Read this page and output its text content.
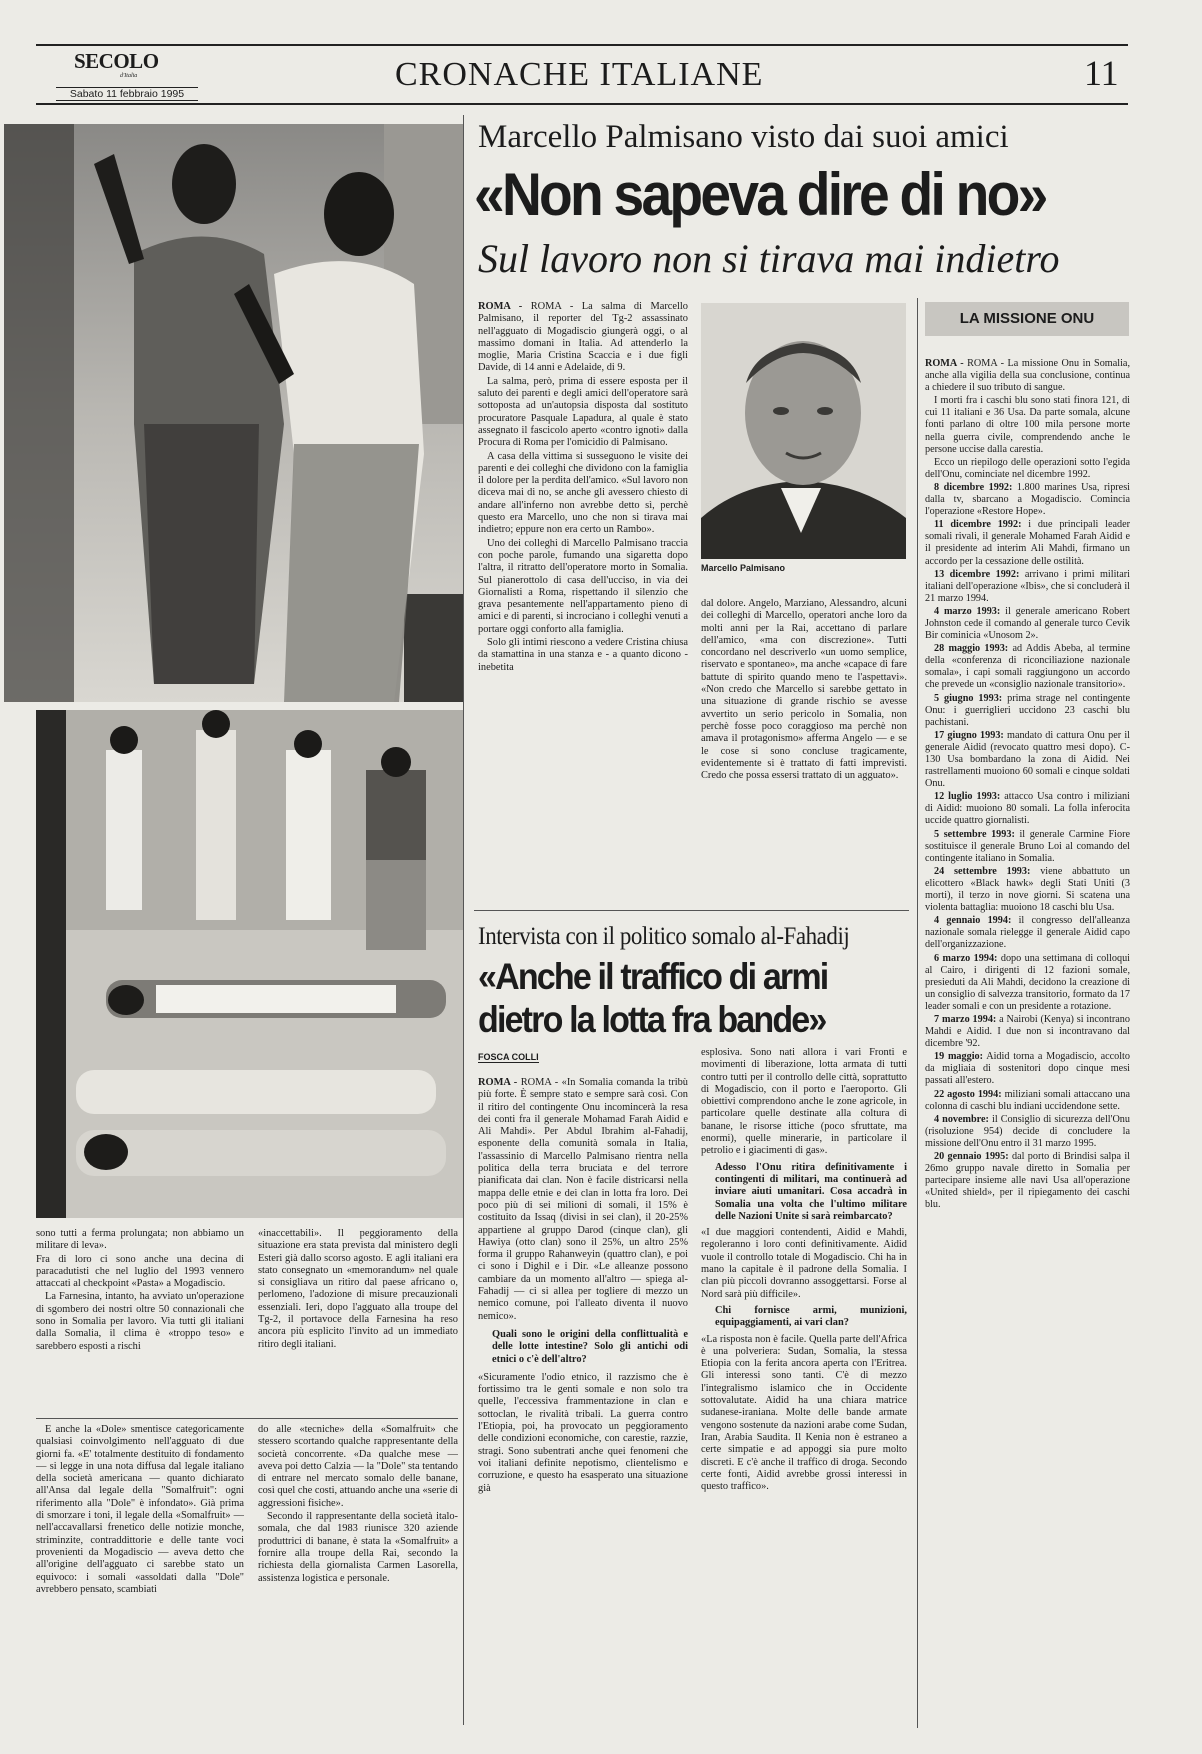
SECOLO
d'Italia
Sabato 11 febbraio 1995
CRONACHE ITALIANE	11
Marcello Palmisano visto dai suoi amici
«Non sapeva dire di no»
Sul lavoro non si tirava mai indietro
Marcello Palmisano

ROMA - ROMA - La salma di Marcello Palmisano, il reporter del Tg-2 assassinato nell'agguato di Mogadiscio giungerà oggi, o al massimo domani in Italia. Ad attenderlo la moglie, Maria Cristina Scaccia e i due figli Davide, di 14 anni e Adelaide, di 9.

La salma, però, prima di essere esposta per il saluto dei parenti e degli amici dell'operatore sarà sottoposta ad un'autopsia disposta dal sostituto procuratore Pasquale Lapadura, al quale è stato assegnato il fascicolo aperto «contro ignoti» dalla Procura di Roma per l'omicidio di Palmisano.

A casa della vittima si susseguono le visite dei parenti e dei colleghi che dividono con la famiglia il dolore per la perdita dell'amico. «Sul lavoro non diceva mai di no, se anche gli avessero chiesto di andare all'inferno non avrebbe detto sì, perchè questo era Marcello, uno che non si tirava mai indietro; eppure non era certo un Rambo».

Uno dei colleghi di Marcello Palmisano traccia con poche parole, fumando una sigaretta dopo l'altra, il ritratto dell'operatore morto in Somalia. Sul pianerottolo di casa dell'ucciso, in via dei Giornalisti a Roma, rispettando il silenzio che grava pesantemente nell'appartamento pieno di amici e di parenti, si incrociano i colleghi venuti a portare oggi conforto alla famiglia.

Solo gli intimi riescono a vedere Cristina chiusa da stamattina in una stanza e - a quanto dicono - inebetita

dal dolore. Angelo, Marziano, Alessandro, alcuni dei colleghi di Marcello, operatori anche loro da molti anni per la Rai, accettano di parlare dell'amico, «ma con discrezione». Tutti concordano nel descriverlo «un uomo semplice, riservato e spontaneo», ma anche «capace di fare battute di spirito quando meno te l'aspettavi». «Non credo che Marcello si sarebbe gettato in una situazione di grande rischio se avesse avvertito un serio pericolo in Somalia, non perchè fosse poco coraggioso ma perchè non amava il protagonismo» afferma Angelo — e se le cose si sono concluse tragicamente, evidentemente si è trattato di fatti imprevisti. Credo che possa essersi trattato di un agguato».

Intervista con il politico somalo al-Fahadij
«Anche il traffico di armi
dietro la lotta fra bande»
FOSCA COLLI

ROMA - ROMA - «In Somalia comanda la tribù più forte. È sempre stato e sempre sarà così. Con il ritiro del contingente Onu incomincerà la resa dei conti fra il generale Mohamad Farah Aidid e Ali Mahdi». Per Abdul Ibrahim al-Fahadij, esponente della comunità somala in Italia, l'assassinio di Marcello Palmisano rientra nella politica della terra bruciata e del terrore pianificata dai clan. Non è facile districarsi nella mappa delle etnie e dei clan in lotta fra loro. Dei poco più di sei milioni di somali, il 15% è costituito da Issaq (divisi in sei clan), il 20-25% appartiene al gruppo Darod (cinque clan), gli Hawiya (otto clan) sono il 25%, un altro 25% forma il gruppo Rahanweyin (quattro clan), e poi ci sono i Dighil e i Dir. «Le alleanze possono cambiare da un momento all'altro — spiega al-Fahadij — ci si allea per togliere di mezzo un nemico comune, poi l'alleato diventa il nuovo nemico».

Quali sono le origini della conflittualità e delle lotte intestine? Solo gli antichi odi etnici o c'è dell'altro?

«Sicuramente l'odio etnico, il razzismo che è fortissimo tra le genti somale e non solo tra quelle, l'eccessiva frammentazione in clan e sottoclan, le rivalità tribali. La guerra contro l'Etiopia, poi, ha provocato un peggioramento delle condizioni economiche, con carestie, razzie, stragi. Sono subentrati anche quei fenomeni che voi italiani definite nepotismo, clientelismo e corruzione, e questo ha esasperato una situazione già

esplosiva. Sono nati allora i vari Fronti e movimenti di liberazione, lotta armata di tutti contro tutti per il controllo delle città, soprattutto di Mogadiscio, con il porto e l'aeroporto. Gli obiettivi comprendono anche le zone agricole, in particolare quelle destinate alla coltura di banane, le risorse ittiche (poco sfruttate, ma enormi), quelle minerarie, in particolare il petrolio e i giacimenti di gas».

Adesso l'Onu ritira definitivamente i contingenti di militari, ma continuerà ad inviare aiuti umanitari. Cosa accadrà in Somalia una volta che l'ultimo militare delle Nazioni Unite si sarà reimbarcato?

«I due maggiori contendenti, Aidid e Mahdi, regoleranno i loro conti definitivamente. Aidid vuole il controllo totale di Mogadiscio. Chi ha in mano la capitale è il padrone della Somalia. I clan più piccoli dovranno assoggettarsi. Forse al Nord sarà più difficile».

Chi fornisce armi, munizioni, equipaggiamenti, ai vari clan?

«La risposta non è facile. Quella parte dell'Africa è una polveriera: Sudan, Somalia, la stessa Etiopia con la ferita ancora aperta con l'Eritrea. Gli interessi sono tanti. C'è di mezzo l'integralismo islamico che in Occidente sottovalutate. Aidid ha una chiara matrice sudanese-iraniana. Molte delle bande armate vengono sostenute da nazioni arabe come Sudan, Iran, Arabia Saudita. Il Kenia non è estraneo a certe simpatie e ad appoggi sia pure molto discreti. E c'è anche il traffico di droga. Secondo certe fonti, Aidid avrebbe grossi interessi in questo traffico».

LA MISSIONE ONU

ROMA - ROMA - La missione Onu in Somalia, anche alla vigilia della sua conclusione, continua a chiedere il suo tributo di sangue.

I morti fra i caschi blu sono stati finora 121, di cui 11 italiani e 36 Usa. Da parte somala, alcune fonti parlano di oltre 100 mila persone morte nella guerra civile, comprendendo anche le persone uccise dalla carestia.

Ecco un riepilogo delle operazioni sotto l'egida dell'Onu, cominciate nel dicembre 1992.

8 dicembre 1992: 1.800 marines Usa, ripresi dalla tv, sbarcano a Mogadiscio. Comincia l'operazione «Restore Hope».

11 dicembre 1992: i due principali leader somali rivali, il generale Mohamed Farah Aidid e il presidente ad interim Ali Mahdi, firmano un accordo per la cessazione delle ostilità.

13 dicembre 1992: arrivano i primi militari italiani dell'operazione «Ibis», che si concluderà il 21 marzo 1994.

4 marzo 1993: il generale americano Robert Johnston cede il comando al generale turco Cevik Bir cominicia «Unosom 2».

28 maggio 1993: ad Addis Abeba, al termine della «conferenza di riconciliazione nazionale somala», i capi somali raggiungono un accordo che prevede un «consiglio nazionale transitorio».

5 giugno 1993: prima strage nel contingente Onu: i guerriglieri uccidono 23 caschi blu pachistani.

17 giugno 1993: mandato di cattura Onu per il generale Aidid (revocato quattro mesi dopo). C-130 Usa bombardano la zona di Aidid. Nei rastrellamenti muoiono 60 somali e cinque soldati Onu.

12 luglio 1993: attacco Usa contro i miliziani di Aidid: muoiono 80 somali. La folla inferocita uccide quattro giornalisti.

5 settembre 1993: il generale Carmine Fiore sostituisce il generale Bruno Loi al comando del contingente italiano in Somalia.

24 settembre 1993: viene abbattuto un elicottero «Black hawk» degli Stati Uniti (3 morti), il terzo in nove giorni. Si scatena una violenta battaglia: muoiono 18 caschi blu Usa.

4 gennaio 1994: il congresso dell'alleanza nazionale somala rielegge il generale Aidid capo dell'organizzazione.

6 marzo 1994: dopo una settimana di colloqui al Cairo, i dirigenti di 12 fazioni somale, presieduti da Ali Mahdi, decidono la creazione di un consiglio di salvezza transitorio, formato da 17 leader somali e con un presidente a rotazione.

7 marzo 1994: a Nairobi (Kenya) si incontrano Mahdi e Aidid. I due non si incontravano dal dicembre '92.

19 maggio: Aidid torna a Mogadiscio, accolto da migliaia di sostenitori dopo cinque mesi passati all'estero.

22 agosto 1994: miliziani somali attaccano una colonna di caschi blu indiani uccidendone sette.

4 novembre: il Consiglio di sicurezza dell'Onu (risoluzione 954) decide di concludere la missione dell'Onu entro il 31 marzo 1995.

20 gennaio 1995: dal porto di Brindisi salpa il 26mo gruppo navale diretto in Somalia per partecipare insieme alle navi Usa all'operazione «United shield», per il ripiegamento dei caschi blu.

sono tutti a ferma prolungata; non abbiamo un militare di leva».

Fra di loro ci sono anche una decina di paracadutisti che nel luglio del 1993 vennero attaccati al checkpoint «Pasta» a Mogadiscio.

La Farnesina, intanto, ha avviato un'operazione di sgombero dei nostri oltre 50 connazionali che sono in Somalia per lavoro. Via tutti gli italiani dalla Somalia, il clima è «troppo teso» e sarebbero esposti a rischi

«inaccettabili». Il peggioramento della situazione era stata prevista dal ministero degli Esteri già dallo scorso agosto. E agli italiani era stato consegnato un «memorandum» nel quale si consigliava un ritiro dal paese africano o, perlomeno, l'adozione di misure precauzionali essenziali. Ieri, dopo l'agguato alla troupe del Tg-2, il portavoce della Farnesina ha reso ancora più esplicito l'invito ad un immediato ritiro degli italiani.

E anche la «Dole» smentisce categoricamente qualsiasi coinvolgimento nell'agguato di due giorni fa. «E' totalmente destituito di fondamento — si legge in una nota diffusa dal legale italiano della società americana — quanto dichiarato all'Ansa dal legale della "Somalfruit": ogni riferimento alla "Dole" è infondato». Già prima di smorzare i toni, il legale della «Somalfruit» — nell'accavallarsi frenetico delle notizie monche, striminzite, contraddittorie e delle tante voci provenienti da Mogadiscio — aveva detto che all'origine dell'agguato ci sarebbe stato un equivoco: i somali «assoldati dalla "Dole" avrebbero pensato, scambiati

do alle «tecniche» della «Somalfruit» che stessero scortando qualche rappresentante della società concorrente. «Da qualche mese — aveva poi detto Calzia — la "Dole" sta tentando di entrare nel mercato somalo delle banane, così quel che costi, attuando anche una «serie di aggressioni fisiche».

Secondo il rappresentante della società italo-somala, che dal 1983 riunisce 320 aziende produttrici di banane, è stata la «Somalfruit» a fornire alla troupe della Rai, secondo la richiesta della giornalista Carmen Lasorella, assistenza logistica e personale.
